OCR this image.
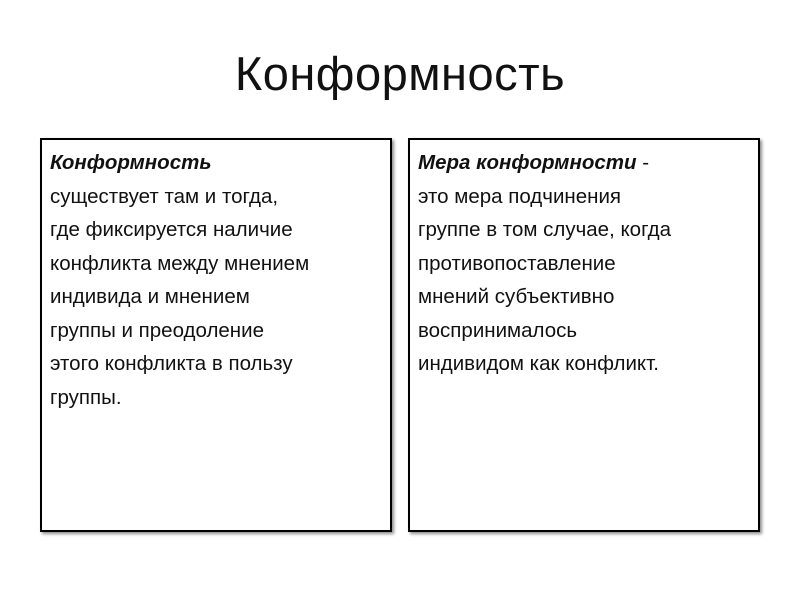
Конформность
Конформность
существует там и тогда,
где фиксируется наличие
конфликта между мнением
индивида и мнением
группы и преодоление
этого конфликта в пользу
группы.
Мера конформности -
это мера подчинения
группе в том случае, когда
противопоставление
мнений субъективно
воспринималось
индивидом как конфликт.
